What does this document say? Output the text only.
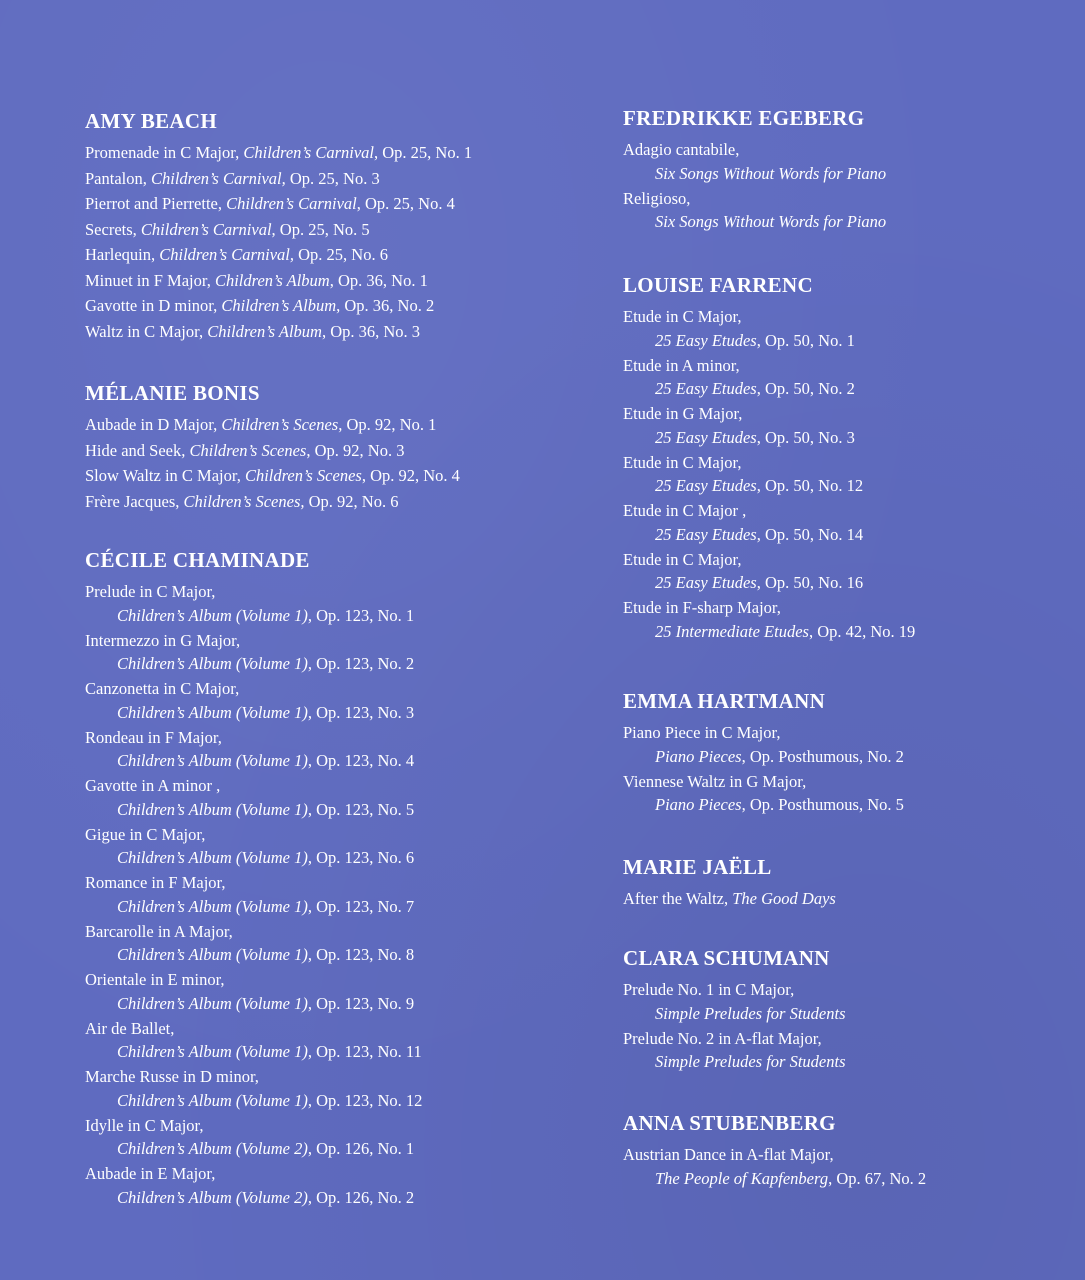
AMY BEACH
Promenade in C Major, Children’s Carnival, Op. 25, No. 1
Pantalon, Children’s Carnival, Op. 25, No. 3
Pierrot and Pierrette, Children’s Carnival, Op. 25, No. 4
Secrets, Children’s Carnival, Op. 25, No. 5
Harlequin, Children’s Carnival, Op. 25, No. 6
Minuet in F Major, Children’s Album, Op. 36, No. 1
Gavotte in D minor, Children’s Album, Op. 36, No. 2
Waltz in C Major, Children’s Album, Op. 36, No. 3
MÉLANIE BONIS
Aubade in D Major, Children’s Scenes, Op. 92, No. 1
Hide and Seek, Children’s Scenes, Op. 92, No. 3
Slow Waltz in C Major, Children’s Scenes, Op. 92, No. 4
Frère Jacques, Children’s Scenes, Op. 92, No. 6
CÉCILE CHAMINADE
Prelude in C Major,
Children’s Album (Volume 1), Op. 123, No. 1
Intermezzo in G Major,
Children’s Album (Volume 1), Op. 123, No. 2
Canzonetta in C Major,
Children’s Album (Volume 1), Op. 123, No. 3
Rondeau in F Major,
Children’s Album (Volume 1), Op. 123, No. 4
Gavotte in A minor ,
Children’s Album (Volume 1), Op. 123, No. 5
Gigue in C Major,
Children’s Album (Volume 1), Op. 123, No. 6
Romance in F Major,
Children’s Album (Volume 1), Op. 123, No. 7
Barcarolle in A Major,
Children’s Album (Volume 1), Op. 123, No. 8
Orientale in E minor,
Children’s Album (Volume 1), Op. 123, No. 9
Air de Ballet,
Children’s Album (Volume 1), Op. 123, No. 11
Marche Russe in D minor,
Children’s Album (Volume 1), Op. 123, No. 12
Idylle in C Major,
Children’s Album (Volume 2), Op. 126, No. 1
Aubade in E Major,
Children’s Album (Volume 2), Op. 126, No. 2
FREDRIKKE EGEBERG
Adagio cantabile,
Six Songs Without Words for Piano
Religioso,
Six Songs Without Words for Piano
LOUISE FARRENC
Etude in C Major,
25 Easy Etudes, Op. 50, No. 1
Etude in A minor,
25 Easy Etudes, Op. 50, No. 2
Etude in G Major,
25 Easy Etudes, Op. 50, No. 3
Etude in C Major,
25 Easy Etudes, Op. 50, No. 12
Etude in C Major ,
25 Easy Etudes, Op. 50, No. 14
Etude in C Major,
25 Easy Etudes, Op. 50, No. 16
Etude in F-sharp Major,
25 Intermediate Etudes, Op. 42, No. 19
EMMA HARTMANN
Piano Piece in C Major,
Piano Pieces, Op. Posthumous, No. 2
Viennese Waltz in G Major,
Piano Pieces, Op. Posthumous, No. 5
MARIE JAËLL
After the Waltz, The Good Days
CLARA SCHUMANN
Prelude No. 1 in C Major,
Simple Preludes for Students
Prelude No. 2 in A-flat Major,
Simple Preludes for Students
ANNA STUBENBERG
Austrian Dance in A-flat Major,
The People of Kapfenberg, Op. 67, No. 2
